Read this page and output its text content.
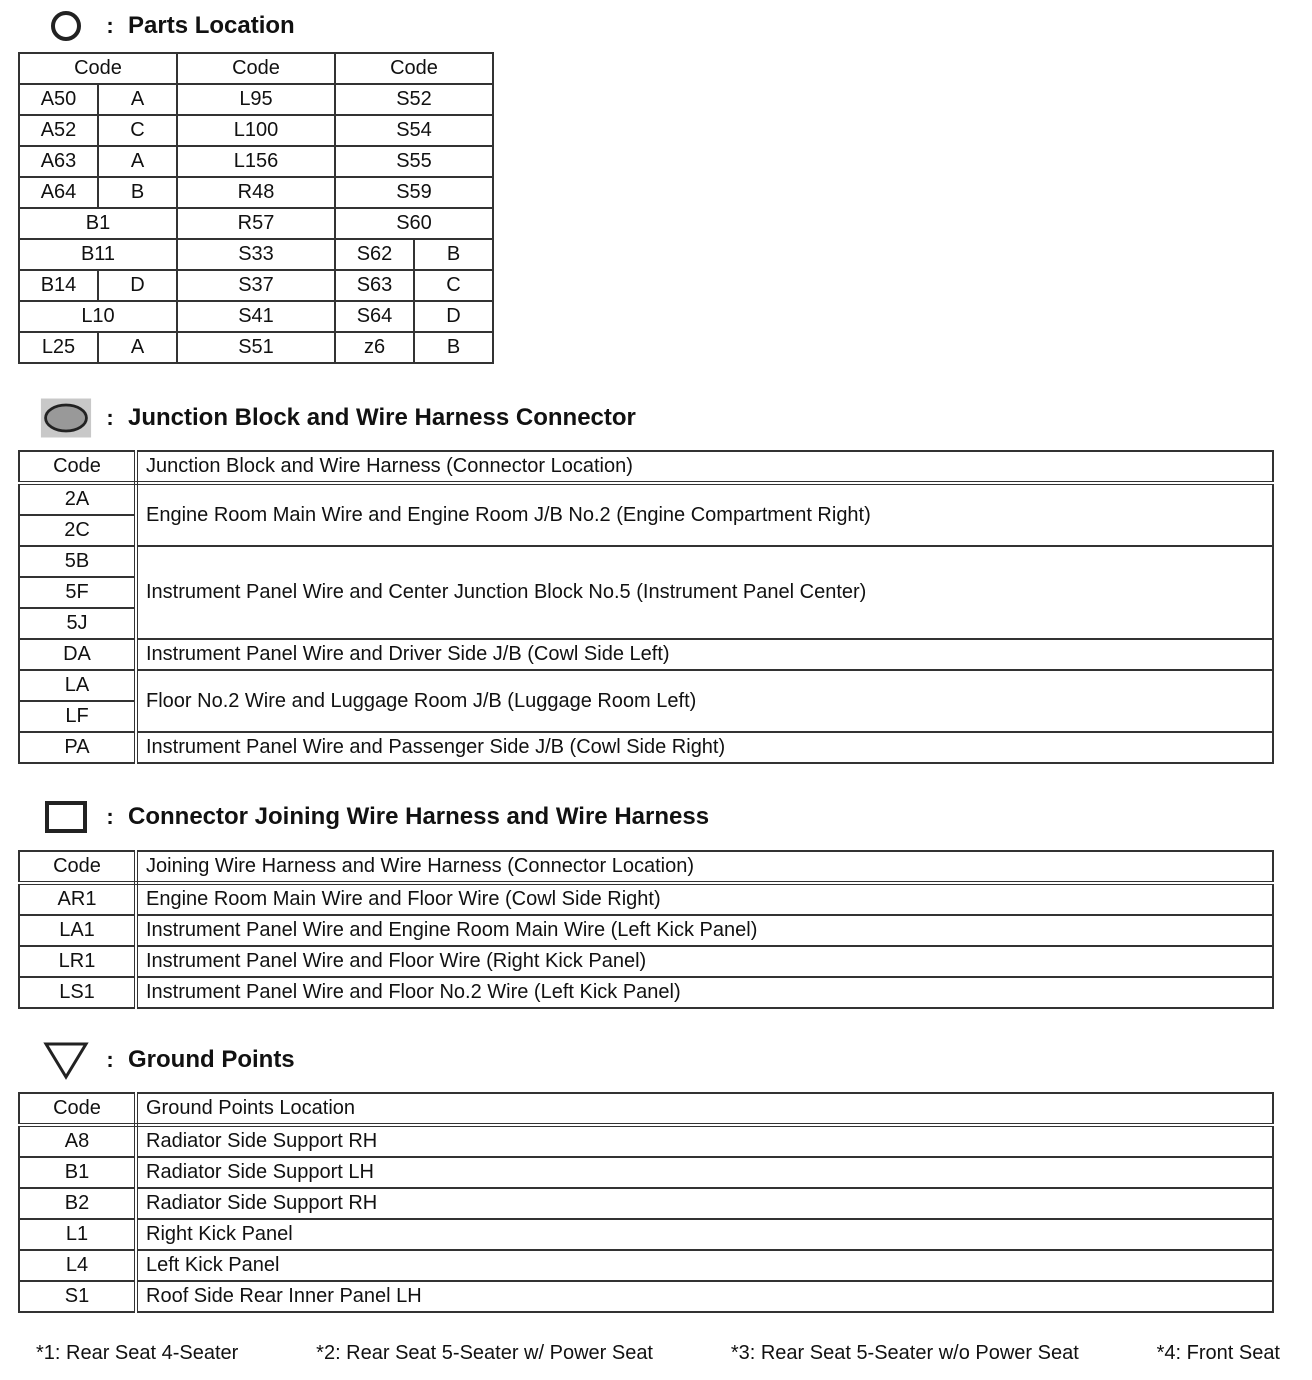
: Parts Location
Code		Code	Code	
A50	A	L95	S52	
A52	C	L100	S54	
A63	A	L156	S55	
A64	B	R48	S59	
B1		R57	S60	
B11		S33	S62	B
B14	D	S37	S63	C
L10		S41	S64	D
L25	A	S51	z6	B
: Junction Block and Wire Harness Connector
Code	Junction Block and Wire Harness (Connector Location)
2A	Engine Room Main Wire and Engine Room J/B No.2 (Engine Compartment Right)
2C	
5B	Instrument Panel Wire and Center Junction Block No.5 (Instrument Panel Center)
5F	
5J	
DA	Instrument Panel Wire and Driver Side J/B (Cowl Side Left)
LA	Floor No.2 Wire and Luggage Room J/B (Luggage Room Left)
LF	
PA	Instrument Panel Wire and Passenger Side J/B (Cowl Side Right)
: Connector Joining Wire Harness and Wire Harness
Code	Joining Wire Harness and Wire Harness (Connector Location)
AR1	Engine Room Main Wire and Floor Wire (Cowl Side Right)
LA1	Instrument Panel Wire and Engine Room Main Wire (Left Kick Panel)
LR1	Instrument Panel Wire and Floor Wire (Right Kick Panel)
LS1	Instrument Panel Wire and Floor No.2 Wire (Left Kick Panel)
: Ground Points
Code	Ground Points Location
A8	Radiator Side Support RH
B1	Radiator Side Support LH
B2	Radiator Side Support RH
L1	Right Kick Panel
L4	Left Kick Panel
S1	Roof Side Rear Inner Panel LH
*1: Rear Seat 4-Seater	*2: Rear Seat 5-Seater w/ Power Seat	*3: Rear Seat 5-Seater w/o Power Seat	*4: Front Seat
